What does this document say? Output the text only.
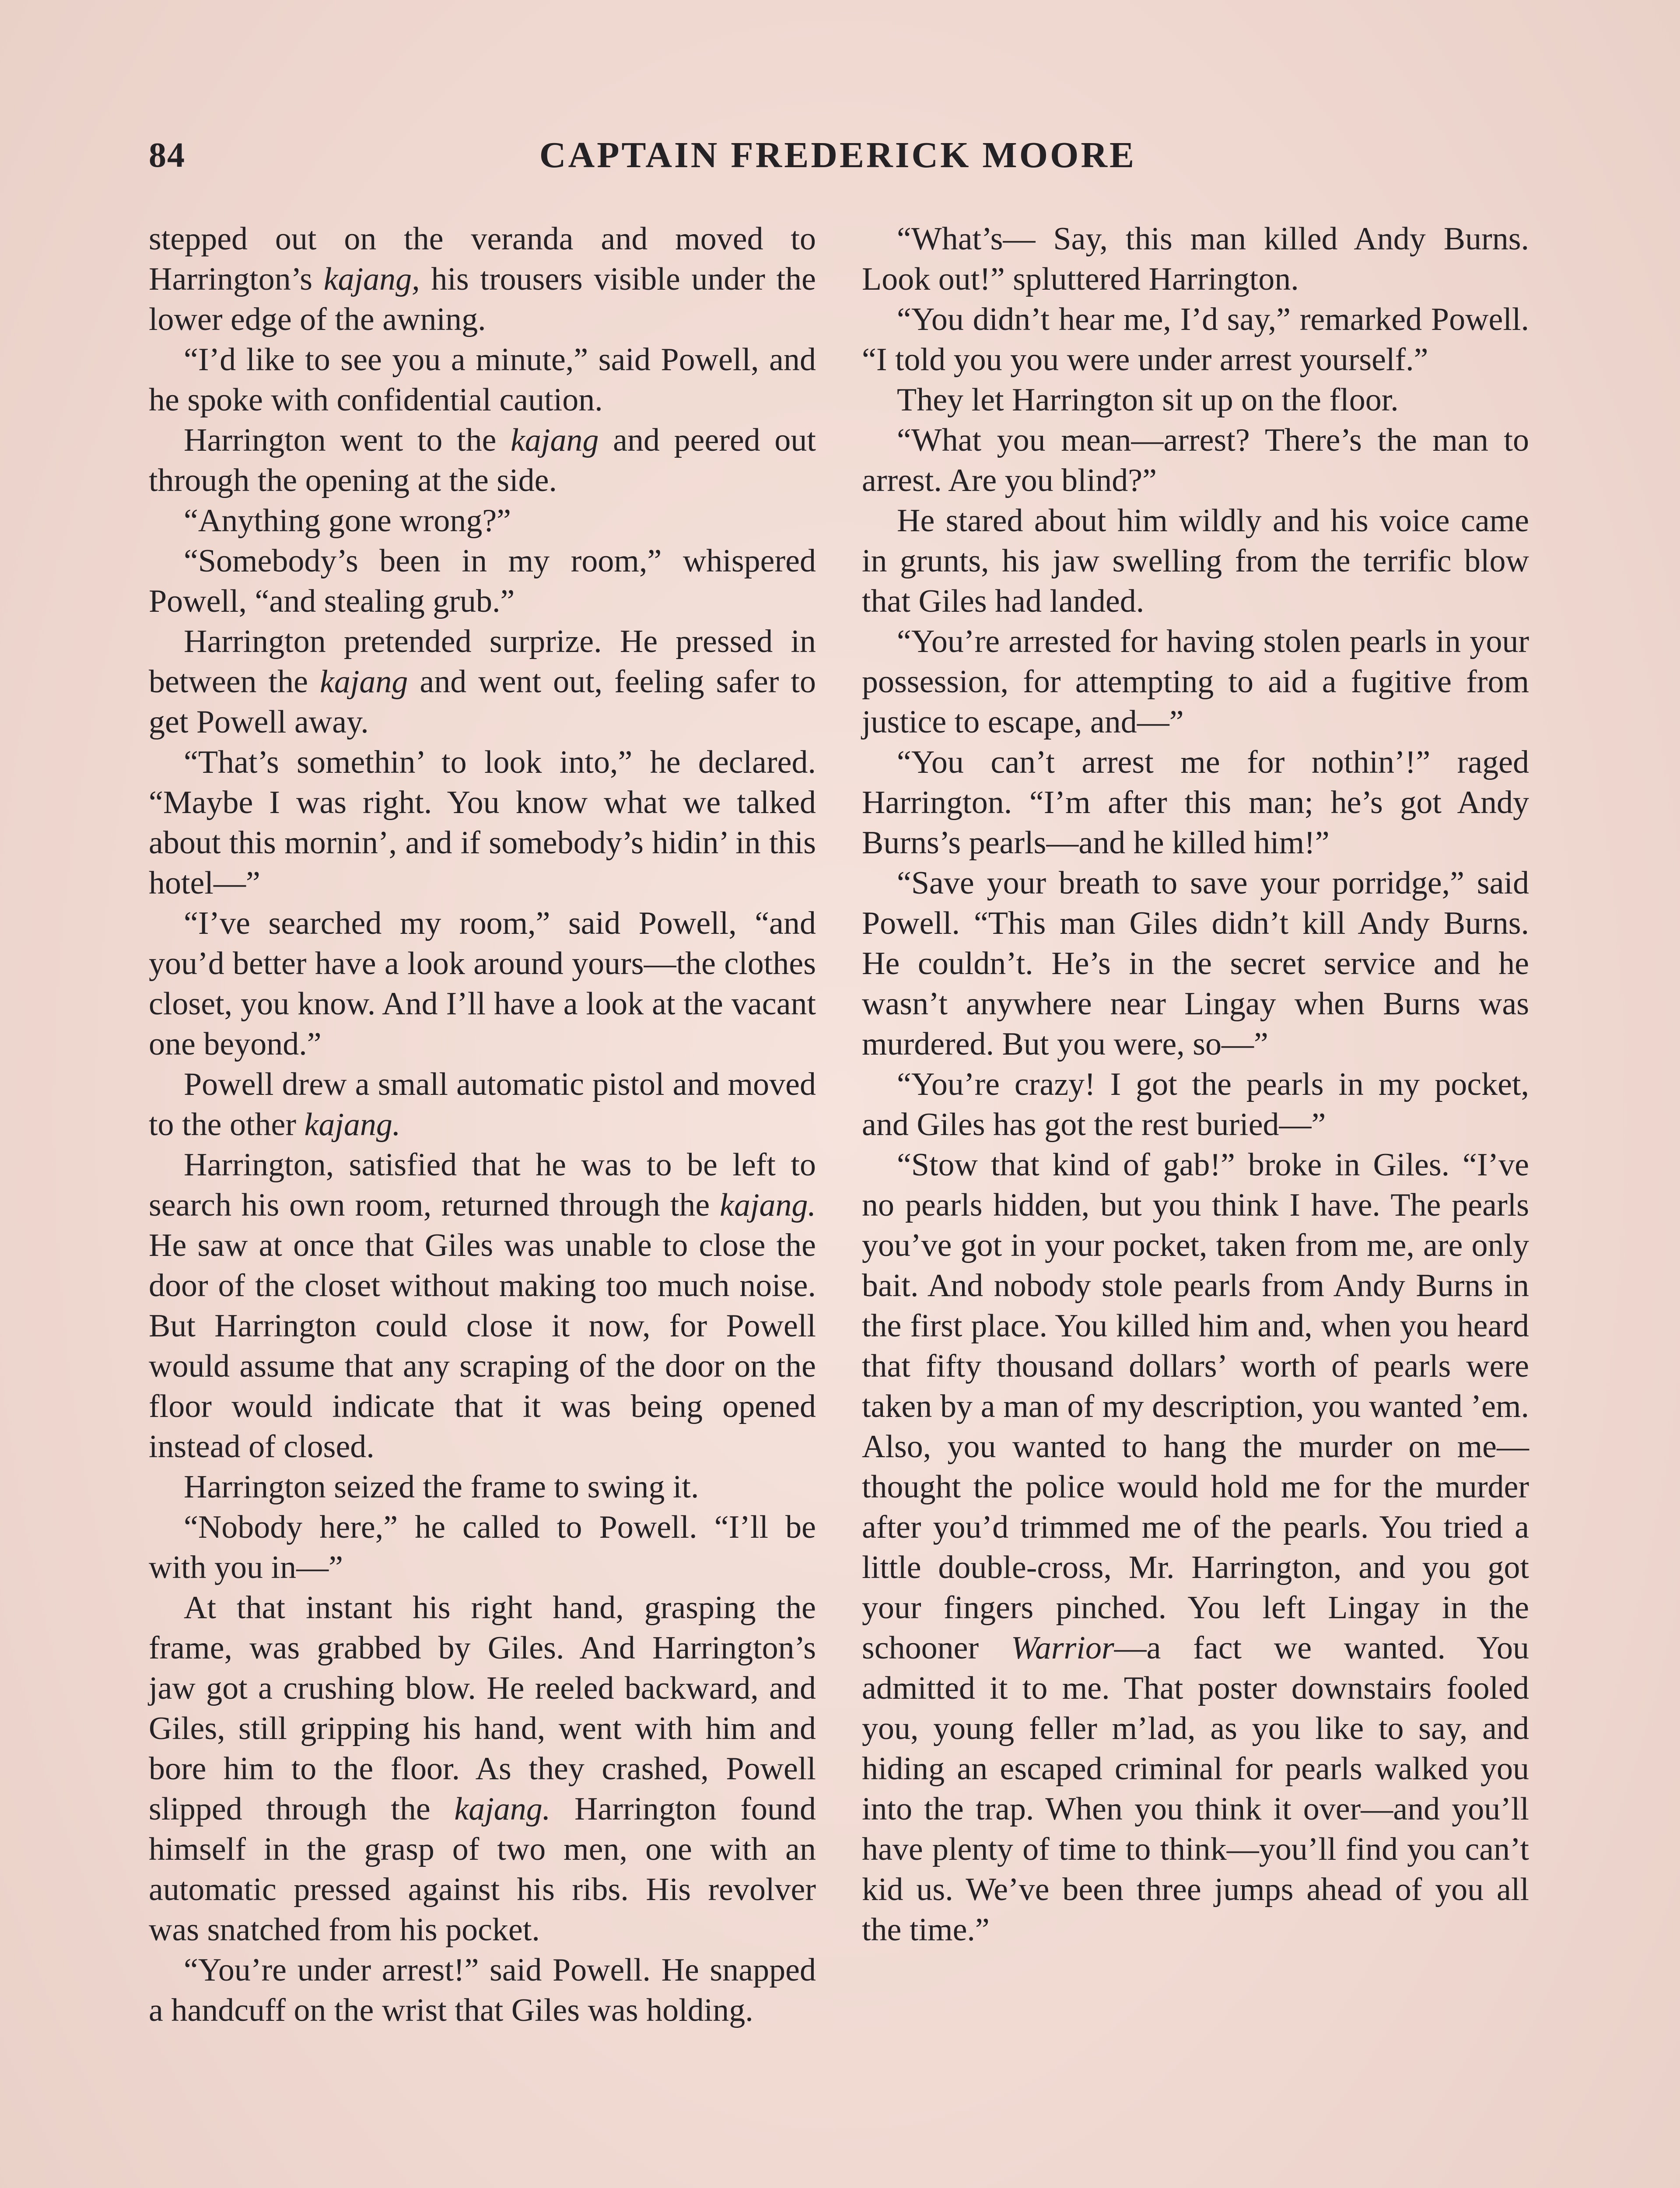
84	CAPTAIN FREDERICK MOORE

stepped out on the veranda and moved to Harrington’s kajang, his trousers visible under the lower edge of the awning.

“I’d like to see you a minute,” said Powell, and he spoke with confidential caution.

Harrington went to the kajang and peered out through the opening at the side.

“Anything gone wrong?”

“Somebody’s been in my room,” whispered Powell, “and stealing grub.”

Harrington pretended surprize. He pressed in between the kajang and went out, feeling safer to get Powell away.

“That’s somethin’ to look into,” he declared. “Maybe I was right. You know what we talked about this mornin’, and if somebody’s hidin’ in this hotel—”

“I’ve searched my room,” said Powell, “and you’d better have a look around yours—the clothes closet, you know. And I’ll have a look at the vacant one beyond.”

Powell drew a small automatic pistol and moved to the other kajang.

Harrington, satisfied that he was to be left to search his own room, returned through the kajang. He saw at once that Giles was unable to close the door of the closet without making too much noise. But Harrington could close it now, for Powell would assume that any scraping of the door on the floor would indicate that it was being opened instead of closed.

Harrington seized the frame to swing it.

“Nobody here,” he called to Powell. “I’ll be with you in—”

At that instant his right hand, grasping the frame, was grabbed by Giles. And Harrington’s jaw got a crushing blow. He reeled backward, and Giles, still gripping his hand, went with him and bore him to the floor. As they crashed, Powell slipped through the kajang. Harrington found himself in the grasp of two men, one with an automatic pressed against his ribs. His revolver was snatched from his pocket.

“You’re under arrest!” said Powell. He snapped a handcuff on the wrist that Giles was holding.

“What’s— Say, this man killed Andy Burns. Look out!” spluttered Harrington.

“You didn’t hear me, I’d say,” remarked Powell. “I told you you were under arrest yourself.”

They let Harrington sit up on the floor.

“What you mean—arrest? There’s the man to arrest. Are you blind?”

He stared about him wildly and his voice came in grunts, his jaw swelling from the terrific blow that Giles had landed.

“You’re arrested for having stolen pearls in your possession, for attempting to aid a fugitive from justice to escape, and—”

“You can’t arrest me for nothin’!” raged Harrington. “I’m after this man; he’s got Andy Burns’s pearls—and he killed him!”

“Save your breath to save your porridge,” said Powell. “This man Giles didn’t kill Andy Burns. He couldn’t. He’s in the secret service and he wasn’t anywhere near Lingay when Burns was murdered. But you were, so—”

“You’re crazy! I got the pearls in my pocket, and Giles has got the rest buried—”

“Stow that kind of gab!” broke in Giles. “I’ve no pearls hidden, but you think I have. The pearls you’ve got in your pocket, taken from me, are only bait. And nobody stole pearls from Andy Burns in the first place. You killed him and, when you heard that fifty thousand dollars’ worth of pearls were taken by a man of my description, you wanted ’em. Also, you wanted to hang the murder on me—thought the police would hold me for the murder after you’d trimmed me of the pearls. You tried a little double-cross, Mr. Harrington, and you got your fingers pinched. You left Lingay in the schooner Warrior—a fact we wanted. You admitted it to me. That poster downstairs fooled you, young feller m’lad, as you like to say, and hiding an escaped criminal for pearls walked you into the trap. When you think it over—and you’ll have plenty of time to think—you’ll find you can’t kid us. We’ve been three jumps ahead of you all the time.”
